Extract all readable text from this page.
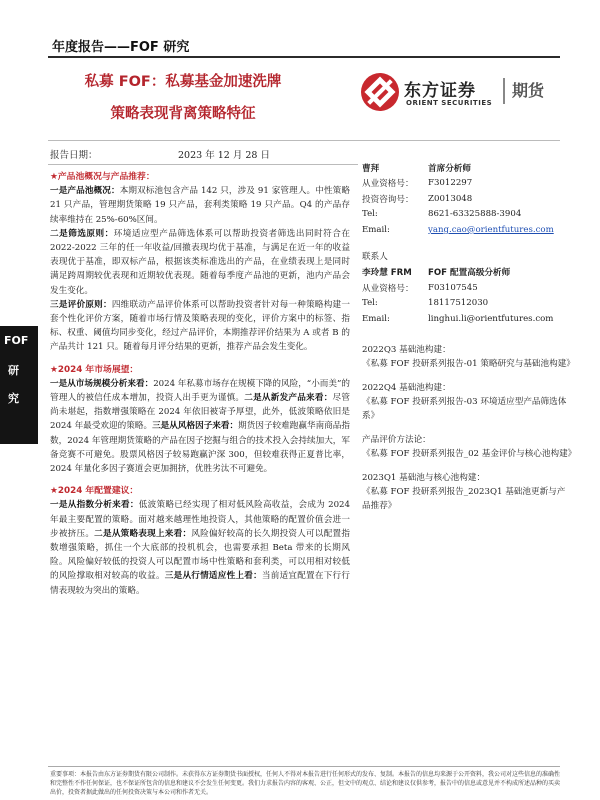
年度报告——FOF 研究
私募 FOF：私募基金加速洗牌
策略表现背离策略特征
东方证券
ORIENT SECURITIES
期货
报告日期：	2023 年 12 月 28 日
FOF
研
究
★产品池概况与产品推荐：

一是产品池概况：本期双标池包含产品 142 只，涉及 91 家管理人。中性策略 21 只产品，管理期货策略 19 只产品，套利类策略 19 只产品。Q4 的产品存续率维持在 25%-60%区间。

二是筛选原则：环境适应型产品筛选体系可以帮助投资者筛选出同时符合在 2022-2022 三年的任一年收益/回撤表现均优于基准，与满足在近一年的收益表现优于基准，即双标产品，根据该类标准选出的产品，在业绩表现上是同时满足跨周期较优表现和近期较优表现。随着每季度产品池的更新，池内产品会发生变化。

三是评价原则：四维联动产品评价体系可以帮助投资者针对每一种策略构建一套个性化评价方案，随着市场行情及策略表现的变化，评价方案中的标签、指标、权重、阈值均同步变化，经过产品评价，本期推荐评价结果为 A 或者 B 的产品共计 121 只。随着每月评分结果的更新，推荐产品会发生变化。

★2024 年市场展望：

一是从市场规模分析来看：2024 年私募市场存在规模下降的风险，“小而美”的管理人的被信任成本增加，投资人出手更为谨慎。二是从新发产品来看：尽管尚未堪起，指数增强策略在 2024 年依旧被寄予厚望，此外，低波策略依旧是 2024 年最受欢迎的策略。三是从风格因子来看：期货因子较难跑赢华南商品指数，2024 年管理期货策略的产品在因子挖掘与组合的技术投入会持续加大，军备竞赛不可避免。股票风格因子较易跑赢沪深 300，但较难获得正夏普比率，2024 年量化多因子赛道会更加拥挤，优胜劣汰不可避免。

★2024 年配置建议：

一是从指数分析来看：低波策略已经实现了相对低风险高收益，会成为 2024 年最主要配置的策略。面对越来越理性地投资人，其他策略的配置价值会进一步被挤压。二是从策略表现上来看：风险偏好较高的长久期投资人可以配置指数增强策略，抓住一个大底部的投机机会，也需要承担 Beta 带来的长期风险。风险偏好较低的投资人可以配置市场中性策略和套利类，可以用相对较低的风险撑取相对较高的收益。三是从行情适应性上看：当前适宜配置在下行行情表现较为突出的策略。

曹拜	首席分析师
从业资格号：	F3012297
投资咨询号：	Z0013048
Tel:	8621-63325888-3904
Email:	yang.cao@orientfutures.com
联系人
李玲慧 FRM	FOF 配置高级分析师
从业资格号：	F03107545
Tel:	18117512030
Email:	linghui.li@orientfutures.com
2022Q3 基础池构建：
《私募 FOF 投研系列报告-01 策略研究与基础池构建》
2022Q4 基础池构建：
《私募 FOF 投研系列报告-03 环境适应型产品筛选体系》
产品评价方法论：
《私募 FOF 投研系列报告_02 基金评价与核心池构建》
2023Q1 基础池与核心池构建：
《私募 FOF 投研系列报告_2023Q1 基础池更新与产品推荐》
重要事项：本报告由东方证券期货有限公司制作。未获得东方证券期货书面授权，任何人不得对本报告进行任何形式的发布、复制。本报告的信息均来源于公开资料，我公司对这些信息的准确性和完整性不作任何保证，也不保证所包含的信息和建议不会发生任何变更。我们力求报告内容的客观、公正，但文中的观点、结论和建议仅供参考，报告中的信息或意见并不构成所述品种的买卖出价，投资者据此做出的任何投资决策与本公司和作者无关。
